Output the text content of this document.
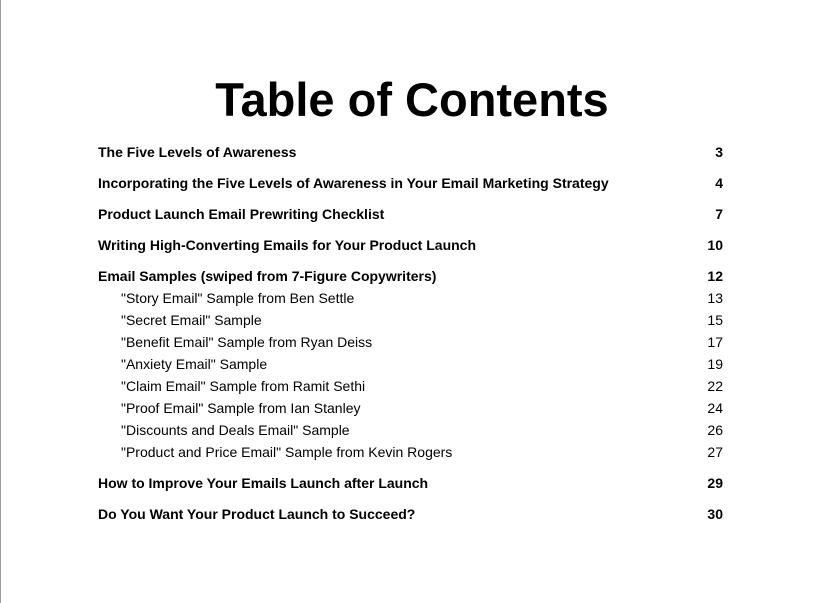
Table of Contents
The Five Levels of Awareness	3
Incorporating the Five Levels of Awareness in Your Email Marketing Strategy	4
Product Launch Email Prewriting Checklist	7
Writing High-Converting Emails for Your Product Launch	10
Email Samples (swiped from 7-Figure Copywriters)	12
"Story Email" Sample from Ben Settle	13
"Secret Email" Sample	15
"Benefit Email" Sample from Ryan Deiss	17
"Anxiety Email" Sample	19
"Claim Email" Sample from Ramit Sethi	22
"Proof Email" Sample from Ian Stanley	24
"Discounts and Deals Email" Sample	26
"Product and Price Email" Sample from Kevin Rogers	27
How to Improve Your Emails Launch after Launch	29
Do You Want Your Product Launch to Succeed?	30
